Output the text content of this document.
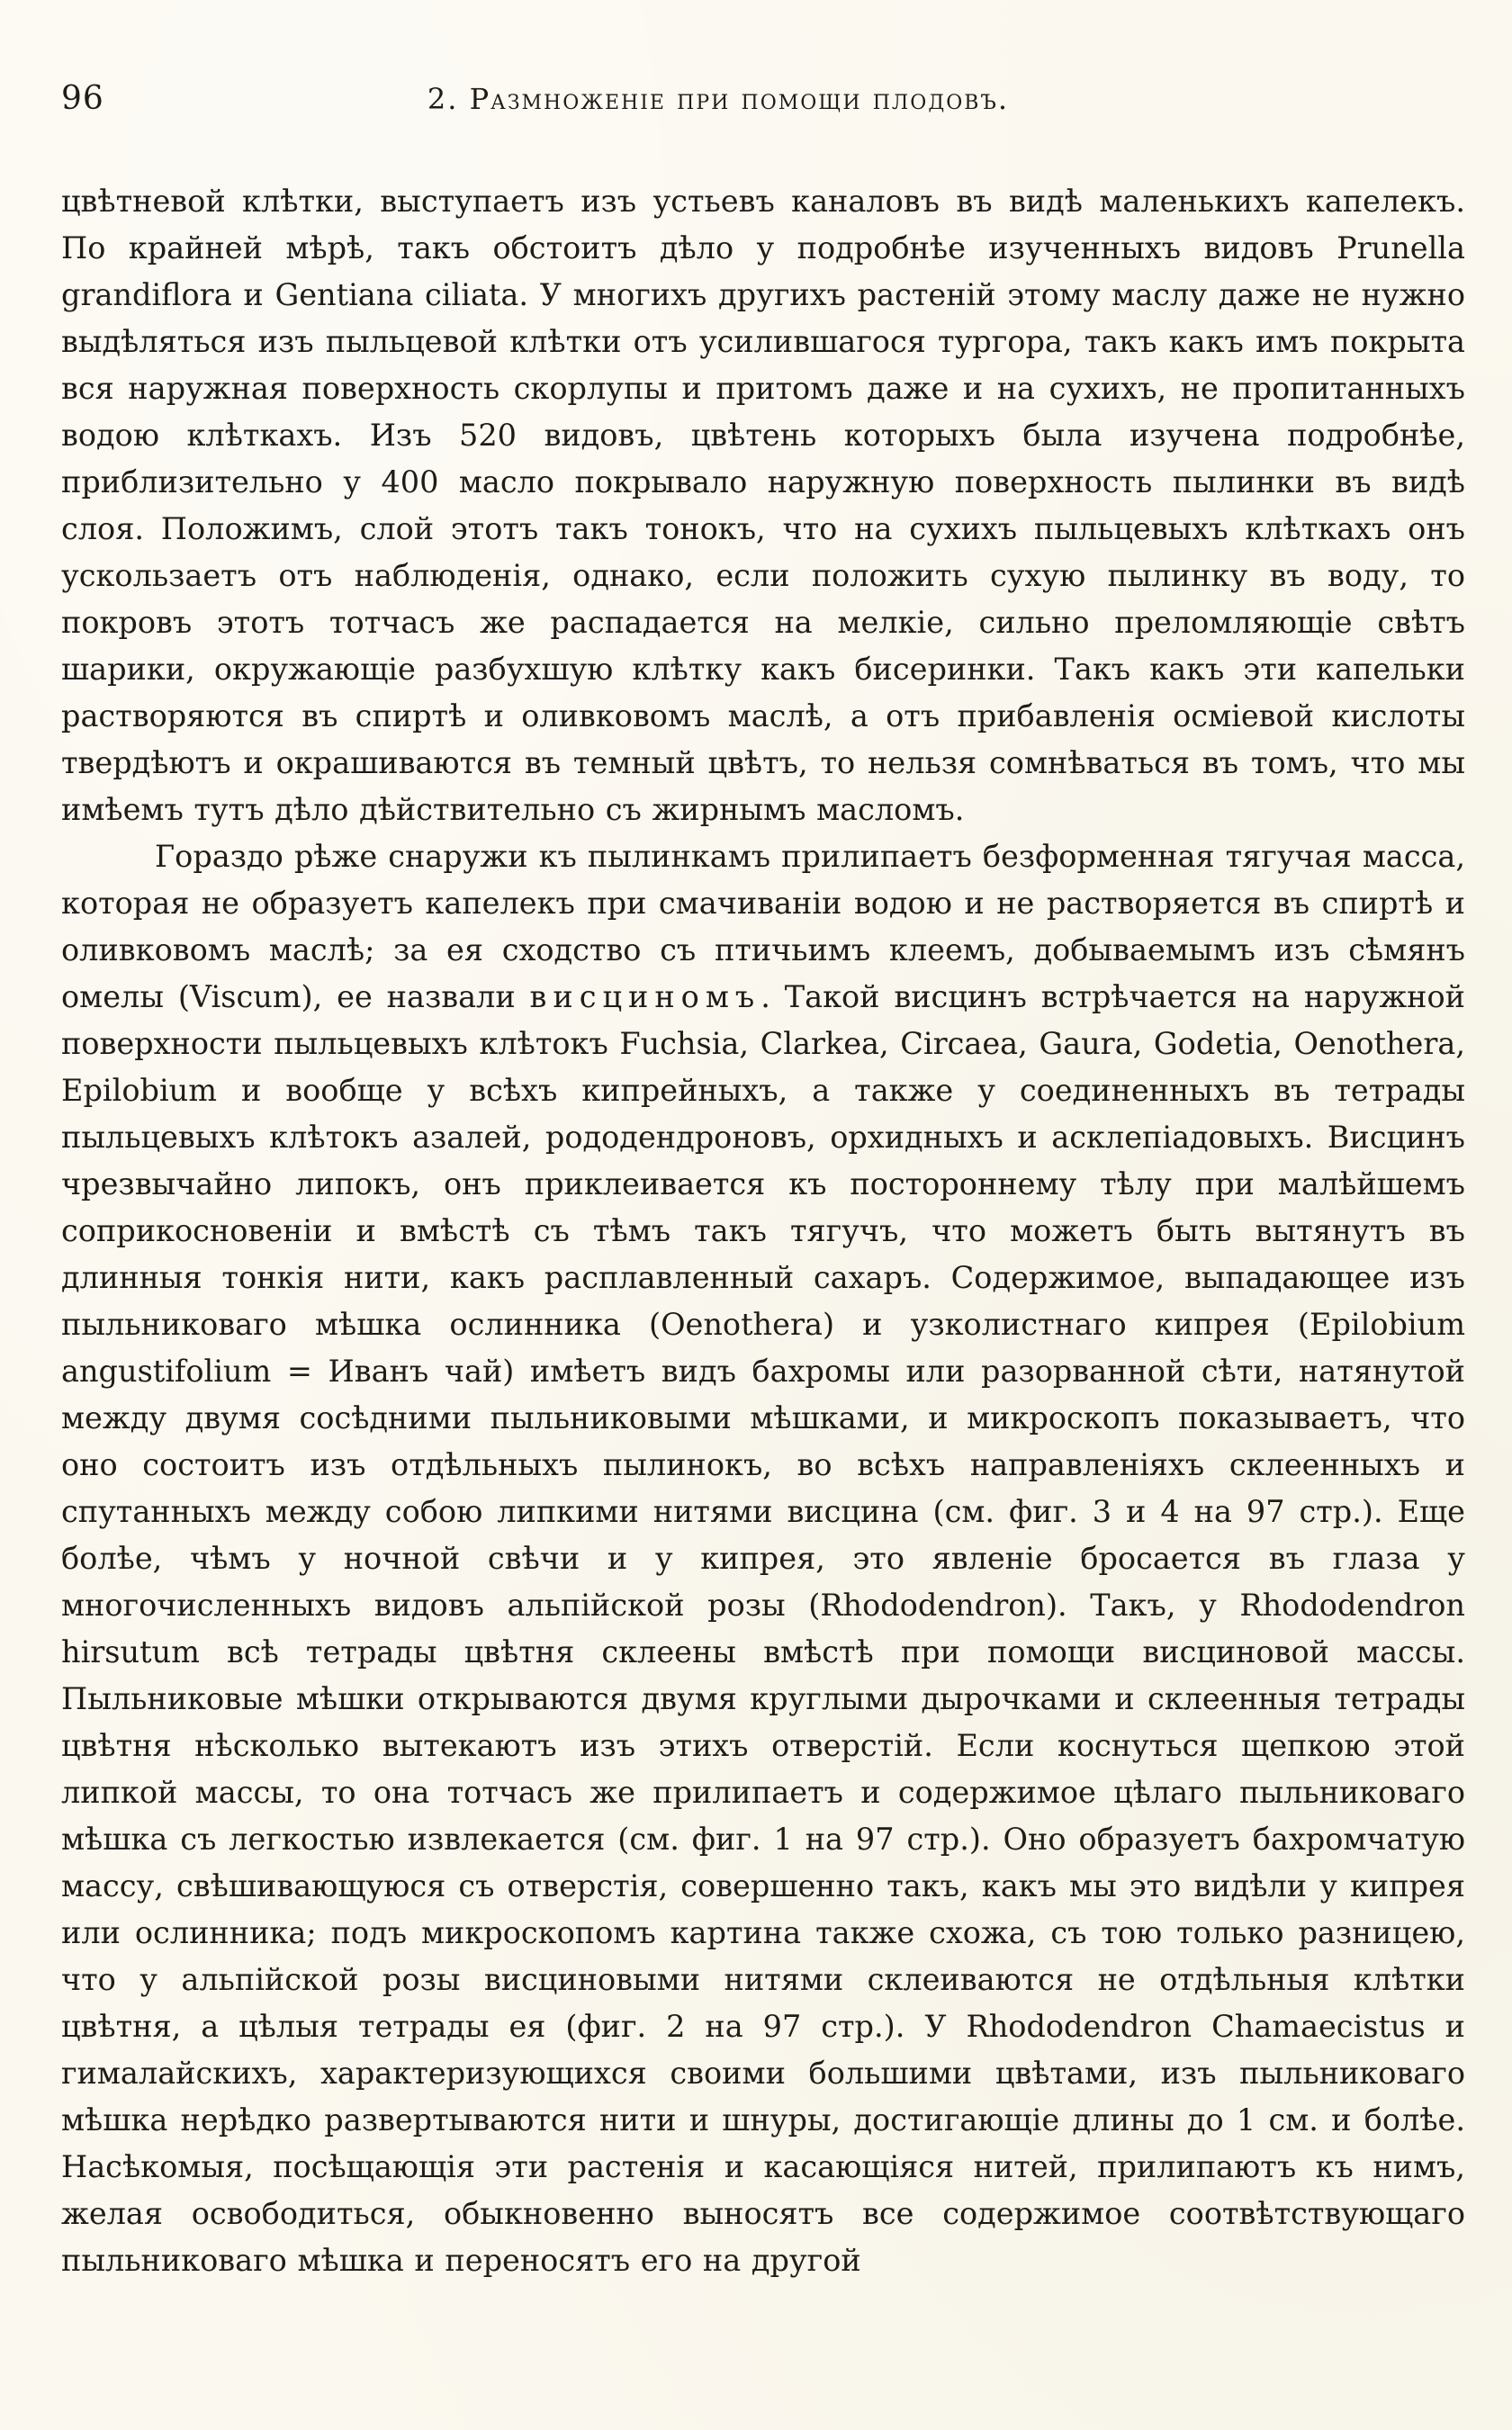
96	2. Размноженіе при помощи плодовъ.

цвѣтневой клѣтки, выступаетъ изъ устьевъ каналовъ въ видѣ маленькихъ капелекъ. По крайней мѣрѣ, такъ обстоитъ дѣло у подробнѣе изученныхъ видовъ Prunella grandiflora и Gentiana ciliata. У многихъ другихъ растеній этому маслу даже не нужно выдѣляться изъ пыльцевой клѣтки отъ усилившагося тургора, такъ какъ имъ покрыта вся наружная поверхность скорлупы и притомъ даже и на сухихъ, не пропитанныхъ водою клѣткахъ. Изъ 520 видовъ, цвѣтень которыхъ была изучена подробнѣе, приблизительно у 400 масло покрывало наружную поверхность пылинки въ видѣ слоя. Положимъ, слой этотъ такъ тонокъ, что на сухихъ пыльцевыхъ клѣткахъ онъ ускользаетъ отъ наблюденія, однако, если положить сухую пылинку въ воду, то покровъ этотъ тотчасъ же распадается на мелкіе, сильно преломляющіе свѣтъ шарики, окружающіе разбухшую клѣтку какъ бисеринки. Такъ какъ эти капельки растворяются въ спиртѣ и оливковомъ маслѣ, а отъ прибавленія осміевой кислоты твердѣютъ и окрашиваются въ темный цвѣтъ, то нельзя сомнѣваться въ томъ, что мы имѣемъ тутъ дѣло дѣйствительно съ жирнымъ масломъ.

Гораздо рѣже снаружи къ пылинкамъ прилипаетъ безформенная тягучая масса, которая не образуетъ капелекъ при смачиваніи водою и не растворяется въ спиртѣ и оливковомъ маслѣ; за ея сходство съ птичьимъ клеемъ, добываемымъ изъ сѣмянъ омелы (Viscum), ее назвали висциномъ. Такой висцинъ встрѣчается на наружной поверхности пыльцевыхъ клѣтокъ Fuchsia, Clarkea, Circaea, Gaura, Godetia, Oenothera, Epilobium и вообще у всѣхъ кипрейныхъ, а также у соединенныхъ въ тетрады пыльцевыхъ клѣтокъ азалей, рододендроновъ, орхидныхъ и асклепіадовыхъ. Висцинъ чрезвычайно липокъ, онъ приклеивается къ постороннему тѣлу при малѣйшемъ соприкосновеніи и вмѣстѣ съ тѣмъ такъ тягучъ, что можетъ быть вытянутъ въ длинныя тонкія нити, какъ расплавленный сахаръ. Содержимое, выпадающее изъ пыльниковаго мѣшка ослинника (Oenothera) и узколистнаго кипрея (Epilobium angustifolium = Иванъ чай) имѣетъ видъ бахромы или разорванной сѣти, натянутой между двумя сосѣдними пыльниковыми мѣшками, и микроскопъ показываетъ, что оно состоитъ изъ отдѣльныхъ пылинокъ, во всѣхъ направленіяхъ склеенныхъ и спутанныхъ между собою липкими нитями висцина (см. фиг. 3 и 4 на 97 стр.). Еще болѣе, чѣмъ у ночной свѣчи и у кипрея, это явленіе бросается въ глаза у многочисленныхъ видовъ альпійской розы (Rhododendron). Такъ, у Rhododendron hirsutum всѣ тетрады цвѣтня склеены вмѣстѣ при помощи висциновой массы. Пыльниковые мѣшки открываются двумя круглыми дырочками и склеенныя тетрады цвѣтня нѣсколько вытекаютъ изъ этихъ отверстій. Если коснуться щепкою этой липкой массы, то она тотчасъ же прилипаетъ и содержимое цѣлаго пыльниковаго мѣшка съ легкостью извлекается (см. фиг. 1 на 97 стр.). Оно образуетъ бахромчатую массу, свѣшивающуюся съ отверстія, совершенно такъ, какъ мы это видѣли у кипрея или ослинника; подъ микроскопомъ картина также схожа, съ тою только разницею, что у альпійской розы висциновыми нитями склеиваются не отдѣльныя клѣтки цвѣтня, а цѣлыя тетрады ея (фиг. 2 на 97 стр.). У Rhododendron Chamaecistus и гималайскихъ, характеризующихся своими большими цвѣтами, изъ пыльниковаго мѣшка нерѣдко развертываются нити и шнуры, достигающіе длины до 1 см. и болѣе. Насѣкомыя, посѣщающія эти растенія и касающіяся нитей, прилипаютъ къ нимъ, желая освободиться, обыкновенно выносятъ все содержимое соотвѣтствующаго пыльниковаго мѣшка и переносятъ его на другой
